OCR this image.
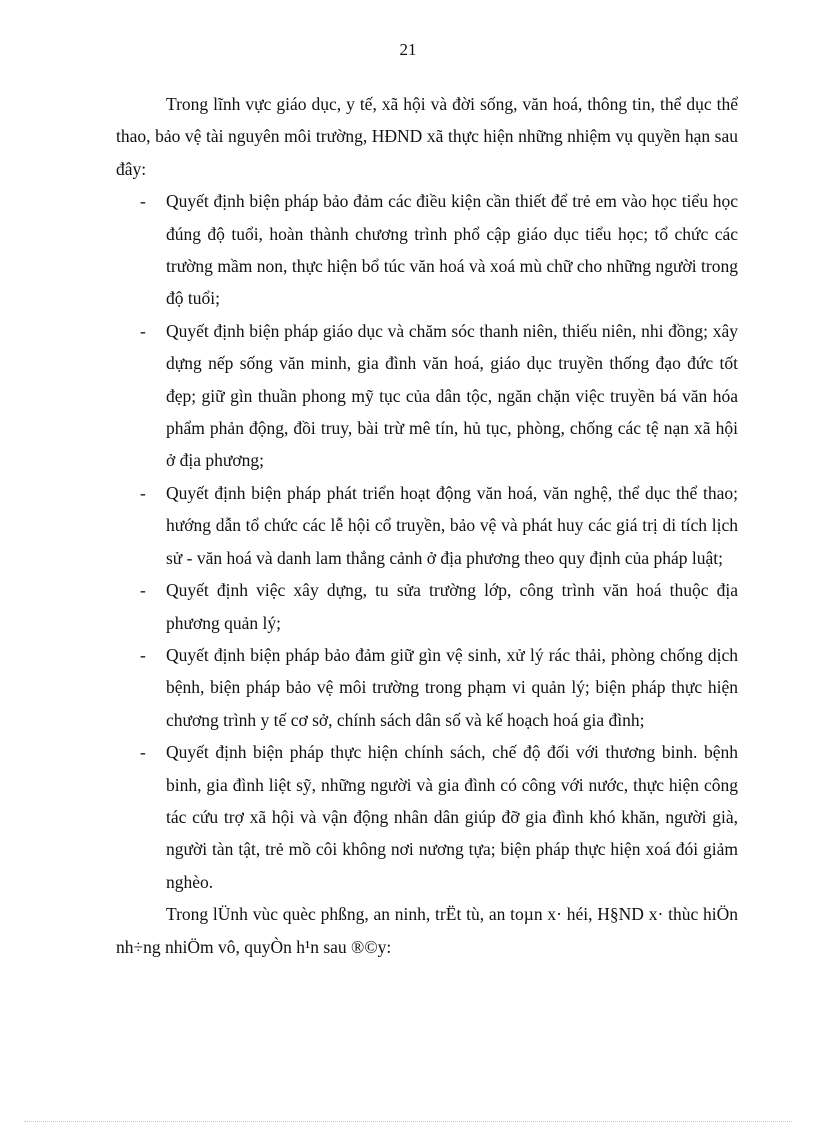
21

Trong lĩnh vực giáo dục, y tế, xã hội và đời sống, văn hoá, thông tin, thể dục thể thao, bảo vệ tài nguyên môi trường, HĐND xã thực hiện những nhiệm vụ quyền hạn sau đây:

- Quyết định biện pháp bảo đảm các điều kiện cần thiết để trẻ em vào học tiểu học đúng độ tuổi, hoàn thành chương trình phổ cập giáo dục tiểu học; tổ chức các trường mầm non, thực hiện bổ túc văn hoá và xoá mù chữ cho những người trong độ tuổi;
- Quyết định biện pháp giáo dục và chăm sóc thanh niên, thiếu niên, nhi đồng; xây dựng nếp sống văn minh, gia đình văn hoá, giáo dục truyền thống đạo đức tốt đẹp; giữ gìn thuần phong mỹ tục của dân tộc, ngăn chặn việc truyền bá văn hóa phẩm phản động, đồi truy, bài trừ mê tín, hủ tục, phòng, chống các tệ nạn xã hội ở địa phương;
- Quyết định biện pháp phát triển hoạt động văn hoá, văn nghệ, thể dục thể thao; hướng dẫn tổ chức các lễ hội cổ truyền, bảo vệ và phát huy các giá trị di tích lịch sử - văn hoá và danh lam thắng cảnh ở địa phương theo quy định của pháp luật;
- Quyết định việc xây dựng, tu sửa trường lớp, công trình văn hoá thuộc địa phương quản lý;
- Quyết định biện pháp bảo đảm giữ gìn vệ sinh, xử lý rác thải, phòng chống dịch bệnh, biện pháp bảo vệ môi trường trong phạm vi quản lý; biện pháp thực hiện chương trình y tế cơ sở, chính sách dân số và kế hoạch hoá gia đình;
- Quyết định biện pháp thực hiện chính sách, chế độ đối với thương binh. bệnh binh, gia đình liệt sỹ, những người và gia đình có công với nước, thực hiện công tác cứu trợ xã hội và vận động nhân dân giúp đỡ gia đình khó khăn, người già, người tàn tật, trẻ mồ côi không nơi nương tựa; biện pháp thực hiện xoá đói giảm nghèo.

Trong lÜnh vùc quèc phßng, an ninh, trËt tù, an toµn x· héi, H§ND x· thùc hiÖn nh÷ng nhiÖm vô, quyÒn h¹n sau ®©y:
